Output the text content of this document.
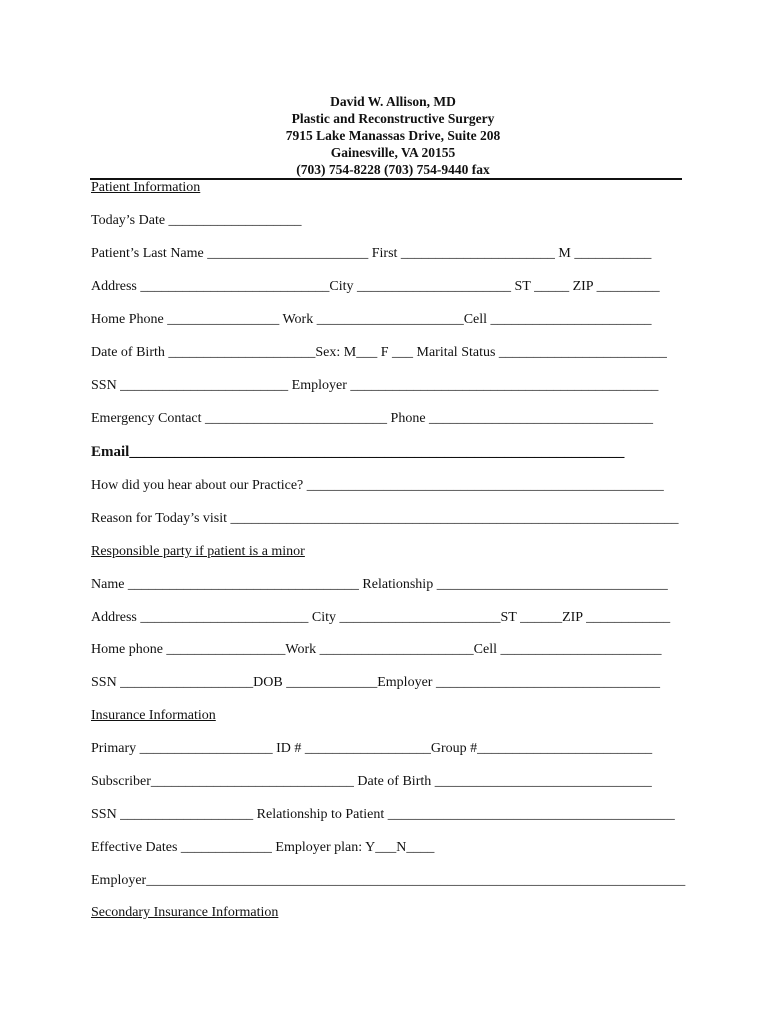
David W. Allison, MD
Plastic and Reconstructive Surgery
7915 Lake Manassas Drive, Suite 208
Gainesville, VA 20155
(703) 754-8228 (703) 754-9440 fax
Patient Information
Today’s Date ___________________
Patient’s Last Name _______________________ First ______________________ M ___________
Address ___________________________City ______________________ ST _____ ZIP _________
Home Phone ________________ Work _____________________Cell _______________________
Date of Birth _____________________Sex: M___ F ___ Marital Status ________________________
SSN ________________________ Employer ____________________________________________
Emergency Contact __________________________ Phone ________________________________
Email__________________________________________________________________
How did you hear about our Practice? ___________________________________________________
Reason for Today’s visit ________________________________________________________________
Responsible party if patient is a minor
Name _________________________________ Relationship _________________________________
Address ________________________ City _______________________ST ______ZIP ____________
Home phone _________________Work ______________________Cell _______________________
SSN ___________________DOB _____________Employer ________________________________
Insurance Information
Primary ___________________ ID # __________________Group #_________________________
Subscriber_____________________________ Date of Birth _______________________________
SSN ___________________ Relationship to Patient _________________________________________
Effective Dates _____________ Employer plan: Y___N____
Employer_____________________________________________________________________________
Secondary Insurance Information
